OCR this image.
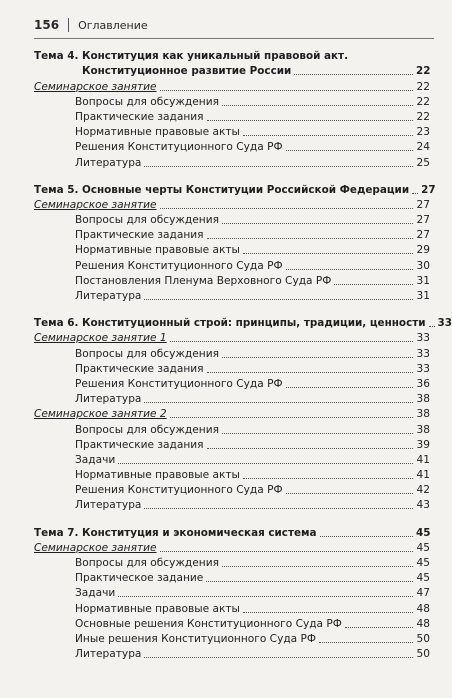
156 Оглавление
Тема 4. Конституция как уникальный правовой акт.
Конституционное развитие России	22
Семинарское занятие	22
Вопросы для обсуждения	22
Практические задания	22
Нормативные правовые акты	23
Решения Конституционного Суда РФ	24
Литература	25
Тема 5. Основные черты Конституции Российской Федерации 27
Семинарское занятие	27
Вопросы для обсуждения	27
Практические задания	27
Нормативные правовые акты	29
Решения Конституционного Суда РФ	30
Постановления Пленума Верховного Суда РФ	31
Литература	31
Тема 6. Конституционный строй: принципы, традиции, ценности 33
Семинарское занятие 1	33
Вопросы для обсуждения	33
Практические задания	33
Решения Конституционного Суда РФ	36
Литература	38
Семинарское занятие 2	38
Вопросы для обсуждения	38
Практические задания	39
Задачи	41
Нормативные правовые акты	41
Решения Конституционного Суда РФ	42
Литература	43
Тема 7. Конституция и экономическая система	45
Семинарское занятие	45
Вопросы для обсуждения	45
Практическое задание	45
Задачи	47
Нормативные правовые акты	48
Основные решения Конституционного Суда РФ	48
Иные решения Конституционного Суда РФ	50
Литература	50
